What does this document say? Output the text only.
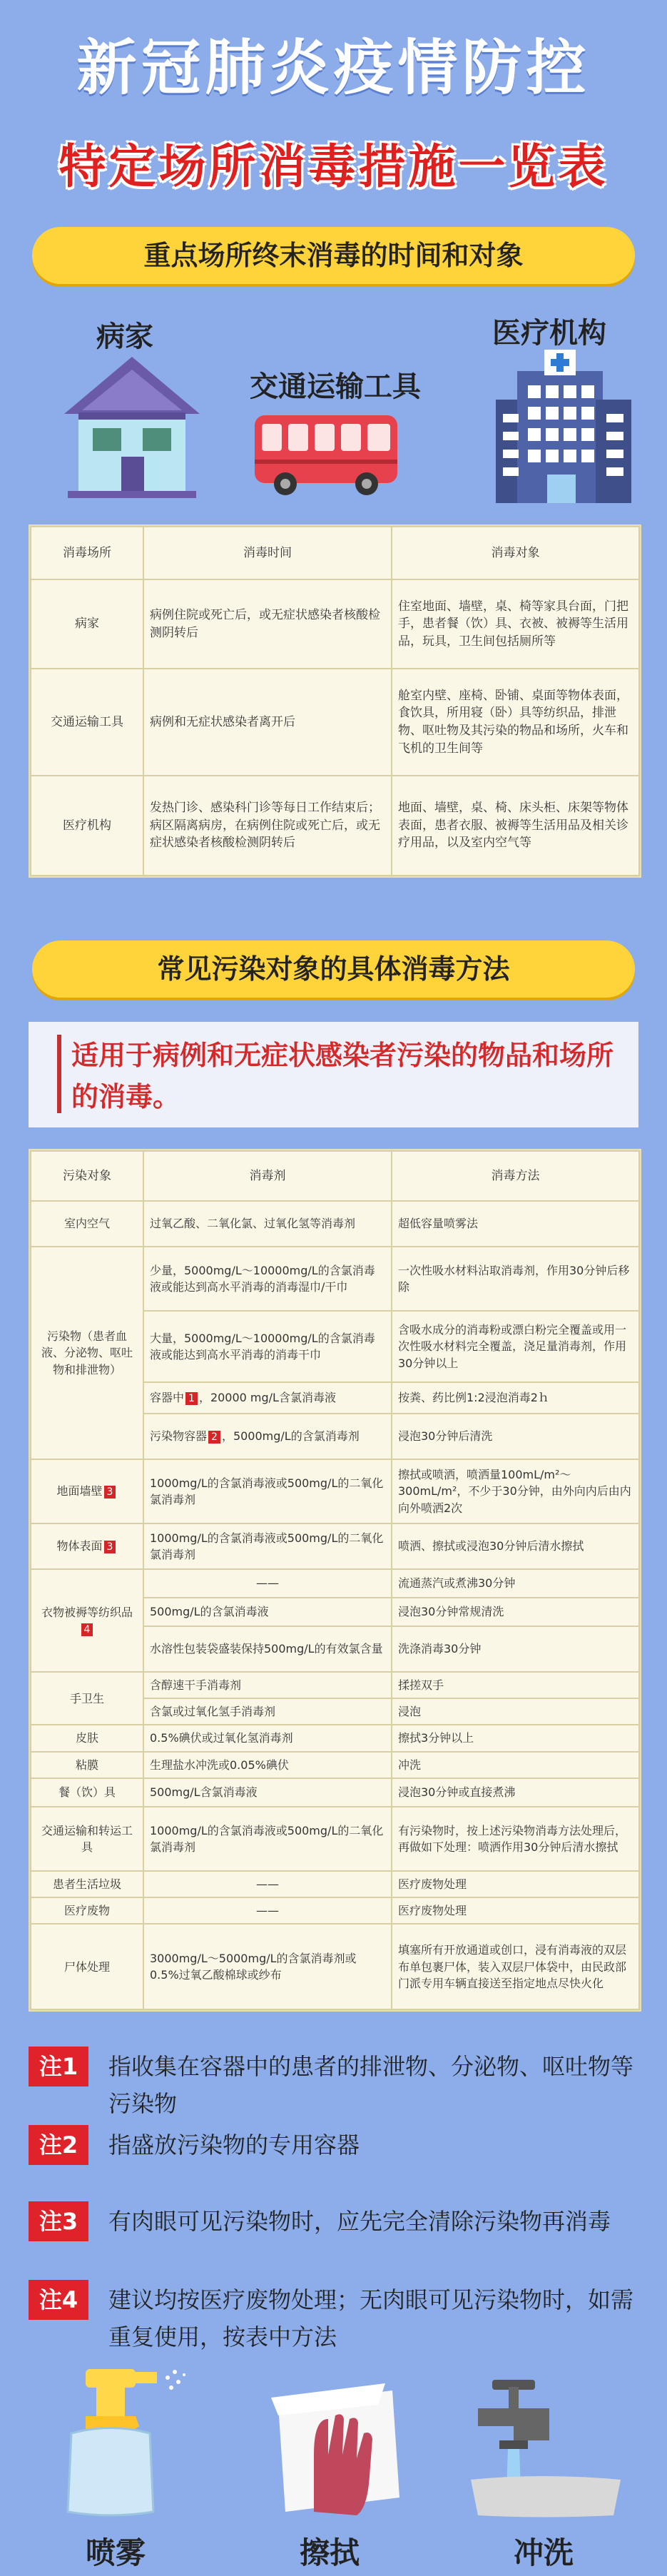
新冠肺炎疫情防控
特定场所消毒措施一览表
重点场所终末消毒的时间和对象
病家
交通运输工具
医疗机构
消毒场所	消毒时间	消毒对象
病家	病例住院或死亡后，或无症状感染者核酸检测阴转后	住室地面、墙壁，桌、椅等家具台面，门把手，患者餐（饮）具、衣被、被褥等生活用品，玩具，卫生间包括厕所等
交通运输工具	病例和无症状感染者离开后	舱室内壁、座椅、卧铺、桌面等物体表面，食饮具，所用寝（卧）具等纺织品，排泄物、呕吐物及其污染的物品和场所，火车和飞机的卫生间等
医疗机构	发热门诊、感染科门诊等每日工作结束后；病区隔离病房，在病例住院或死亡后，或无症状感染者核酸检测阴转后	地面、墙壁，桌、椅、床头柜、床架等物体表面，患者衣服、被褥等生活用品及相关诊疗用品，以及室内空气等
常见污染对象的具体消毒方法
适用于病例和无症状感染者污染的物品和场所的消毒。
污染对象	消毒剂	消毒方法
室内空气	过氧乙酸、二氧化氯、过氧化氢等消毒剂	超低容量喷雾法
污染物（患者血液、分泌物、呕吐物和排泄物）	少量，5000mg/L～10000mg/L的含氯消毒液或能达到高水平消毒的消毒湿巾/干巾	一次性吸水材料沾取消毒剂，作用30分钟后移除
	大量，5000mg/L～10000mg/L的含氯消毒液或能达到高水平消毒的消毒干巾	含吸水成分的消毒粉或漂白粉完全覆盖或用一次性吸水材料完全覆盖，浇足量消毒剂，作用30分钟以上
	容器中 1 ，20000 mg/L含氯消毒液	按粪、药比例1:2浸泡消毒2ｈ
	污染物容器 2 ，5000mg/L的含氯消毒剂	浸泡30分钟后清洗
地面墙壁 3	1000mg/L的含氯消毒液或500mg/L的二氧化氯消毒剂	擦拭或喷洒，喷洒量100mL/m²～300mL/m²，不少于30分钟，由外向内后由内向外喷洒2次
物体表面 3	1000mg/L的含氯消毒液或500mg/L的二氧化氯消毒剂	喷洒、擦拭或浸泡30分钟后清水擦拭
衣物被褥等纺织品4	——	流通蒸汽或煮沸30分钟
	500mg/L的含氯消毒液	浸泡30分钟常规清洗
	水溶性包装袋盛装保持500mg/L的有效氯含量	洗涤消毒30分钟
手卫生	含醇速干手消毒剂	揉搓双手
	含氯或过氧化氢手消毒剂	浸泡
皮肤	0.5%碘伏或过氧化氢消毒剂	擦拭3分钟以上
粘膜	生理盐水冲洗或0.05%碘伏	冲洗
餐（饮）具	500mg/L含氯消毒液	浸泡30分钟或直接煮沸
交通运输和转运工具	1000mg/L的含氯消毒液或500mg/L的二氧化氯消毒剂	有污染物时，按上述污染物消毒方法处理后，再做如下处理：喷洒作用30分钟后清水擦拭
患者生活垃圾	——	医疗废物处理
医疗废物	——	医疗废物处理
尸体处理	3000mg/L～5000mg/L的含氯消毒剂或0.5%过氧乙酸棉球或纱布	填塞所有开放通道或创口，浸有消毒液的双层布单包裹尸体，装入双层尸体袋中，由民政部门派专用车辆直接送至指定地点尽快火化
注1	指收集在容器中的患者的排泄物、分泌物、呕吐物等污染物
注2	指盛放污染物的专用容器
注3	有肉眼可见污染物时，应先完全清除污染物再消毒
注4	建议均按医疗废物处理；无肉眼可见污染物时，如需重复使用，按表中方法
喷雾	擦拭	冲洗
